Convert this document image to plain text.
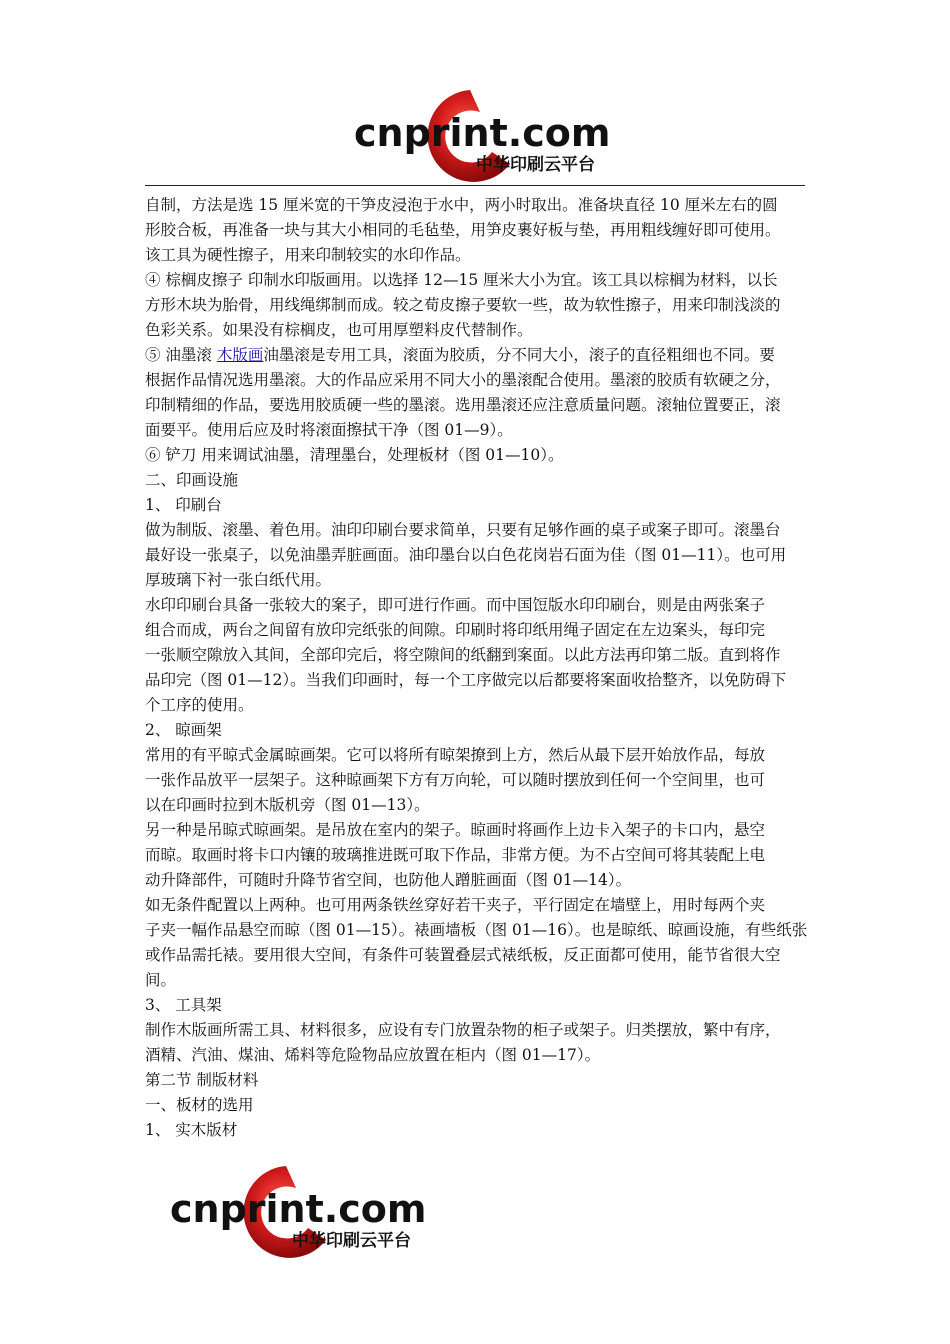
cnprint.com
中华印刷云平台

自制，方法是选 15 厘米宽的干笋皮浸泡于水中，两小时取出。准备块直径 10 厘米左右的圆

形胶合板，再准备一块与其大小相同的毛毡垫，用笋皮裹好板与垫，再用粗线缠好即可使用。

该工具为硬性擦子，用来印制较实的水印作品。

④ 棕榈皮擦子 印制水印版画用。以选择 12—15 厘米大小为宜。该工具以棕榈为材料，以长

方形木块为胎骨，用线绳绑制而成。较之荀皮擦子要软一些，故为软性擦子，用来印制浅淡的

色彩关系。如果没有棕榈皮，也可用厚塑料皮代替制作。

⑤ 油墨滚 木版画油墨滚是专用工具，滚面为胶质，分不同大小，滚子的直径粗细也不同。要

根据作品情况选用墨滚。大的作品应采用不同大小的墨滚配合使用。墨滚的胶质有软硬之分，

印制精细的作品，要选用胶质硬一些的墨滚。选用墨滚还应注意质量问题。滚轴位置要正，滚

面要平。使用后应及时将滚面擦拭干净（图 01—9）。

⑥ 铲刀 用来调试油墨，清理墨台，处理板材（图 01—10）。

二、印画设施

1、 印刷台

做为制版、滚墨、着色用。油印印刷台要求简单，只要有足够作画的桌子或案子即可。滚墨台

最好设一张桌子，以免油墨弄脏画面。油印墨台以白色花岗岩石面为佳（图 01—11）。也可用

厚玻璃下衬一张白纸代用。

水印印刷台具备一张较大的案子，即可进行作画。而中国饾版水印印刷台，则是由两张案子

组合而成，两台之间留有放印完纸张的间隙。印刷时将印纸用绳子固定在左边案头，每印完

一张顺空隙放入其间，全部印完后，将空隙间的纸翻到案面。以此方法再印第二版。直到将作

品印完（图 01—12）。当我们印画时，每一个工序做完以后都要将案面收拾整齐，以免防碍下

个工序的使用。

2、 晾画架

常用的有平晾式金属晾画架。它可以将所有晾架撩到上方，然后从最下层开始放作品，每放

一张作品放平一层架子。这种晾画架下方有万向轮，可以随时摆放到任何一个空间里，也可

以在印画时拉到木版机旁（图 01—13）。

另一种是吊晾式晾画架。是吊放在室内的架子。晾画时将画作上边卡入架子的卡口内，悬空

而晾。取画时将卡口内镶的玻璃推进既可取下作品，非常方便。为不占空间可将其装配上电

动升降部件，可随时升降节省空间，也防他人蹭脏画面（图 01—14）。

如无条件配置以上两种。也可用两条铁丝穿好若干夹子，平行固定在墙壁上，用时每两个夹

子夹一幅作品悬空而晾（图 01—15）。裱画墙板（图 01—16）。也是晾纸、晾画设施，有些纸张

或作品需托裱。要用很大空间，有条件可装置叠层式裱纸板，反正面都可使用，能节省很大空

间。

3、 工具架

制作木版画所需工具、材料很多，应设有专门放置杂物的柜子或架子。归类摆放，繁中有序，

酒精、汽油、煤油、烯料等危险物品应放置在柜内（图 01—17）。

第二节 制版材料

一、板材的选用

1、 实木版材

cnprint.com
中华印刷云平台
